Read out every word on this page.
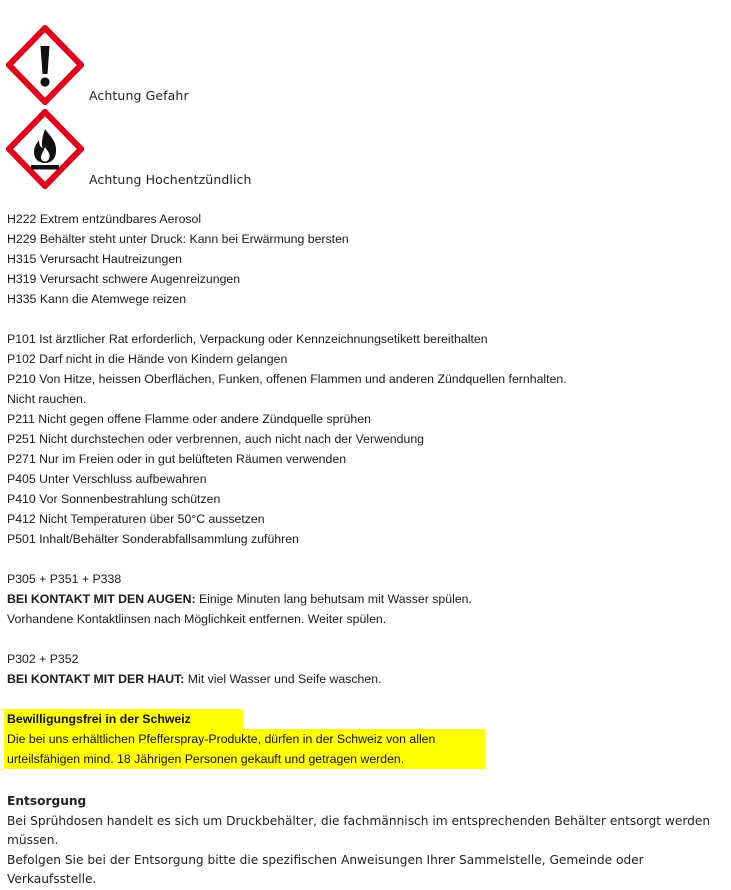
Achtung Gefahr
Achtung Hochentzündlich
H222 Extrem entzündbares Aerosol
H229 Behälter steht unter Druck: Kann bei Erwärmung bersten
H315 Verursacht Hautreizungen
H319 Verursacht schwere Augenreizungen
H335 Kann die Atemwege reizen
P101 Ist ärztlicher Rat erforderlich, Verpackung oder Kennzeichnungsetikett bereithalten
P102 Darf nicht in die Hände von Kindern gelangen
P210 Von Hitze, heissen Oberflächen, Funken, offenen Flammen und anderen Zündquellen fernhalten.
Nicht rauchen.
P211 Nicht gegen offene Flamme oder andere Zündquelle sprühen
P251 Nicht durchstechen oder verbrennen, auch nicht nach der Verwendung
P271 Nur im Freien oder in gut belüfteten Räumen verwenden
P405 Unter Verschluss aufbewahren
P410 Vor Sonnenbestrahlung schützen
P412 Nicht Temperaturen über 50°C aussetzen
P501 Inhalt/Behälter Sonderabfallsammlung zuführen
P305 + P351 + P338
BEI KONTAKT MIT DEN AUGEN: Einige Minuten lang behutsam mit Wasser spülen.
Vorhandene Kontaktlinsen nach Möglichkeit entfernen. Weiter spülen.
P302 + P352
BEI KONTAKT MIT DER HAUT: Mit viel Wasser und Seife waschen.
Bewilligungsfrei in der Schweiz
Die bei uns erhältlichen Pfefferspray-Produkte, dürfen in der Schweiz von allen
urteilsfähigen mind. 18 Jährigen Personen gekauft und getragen werden.
Entsorgung
Bei Sprühdosen handelt es sich um Druckbehälter, die fachmännisch im entsprechenden Behälter entsorgt werden müssen.
Befolgen Sie bei der Entsorgung bitte die spezifischen Anweisungen Ihrer Sammelstelle, Gemeinde oder Verkaufsstelle.
